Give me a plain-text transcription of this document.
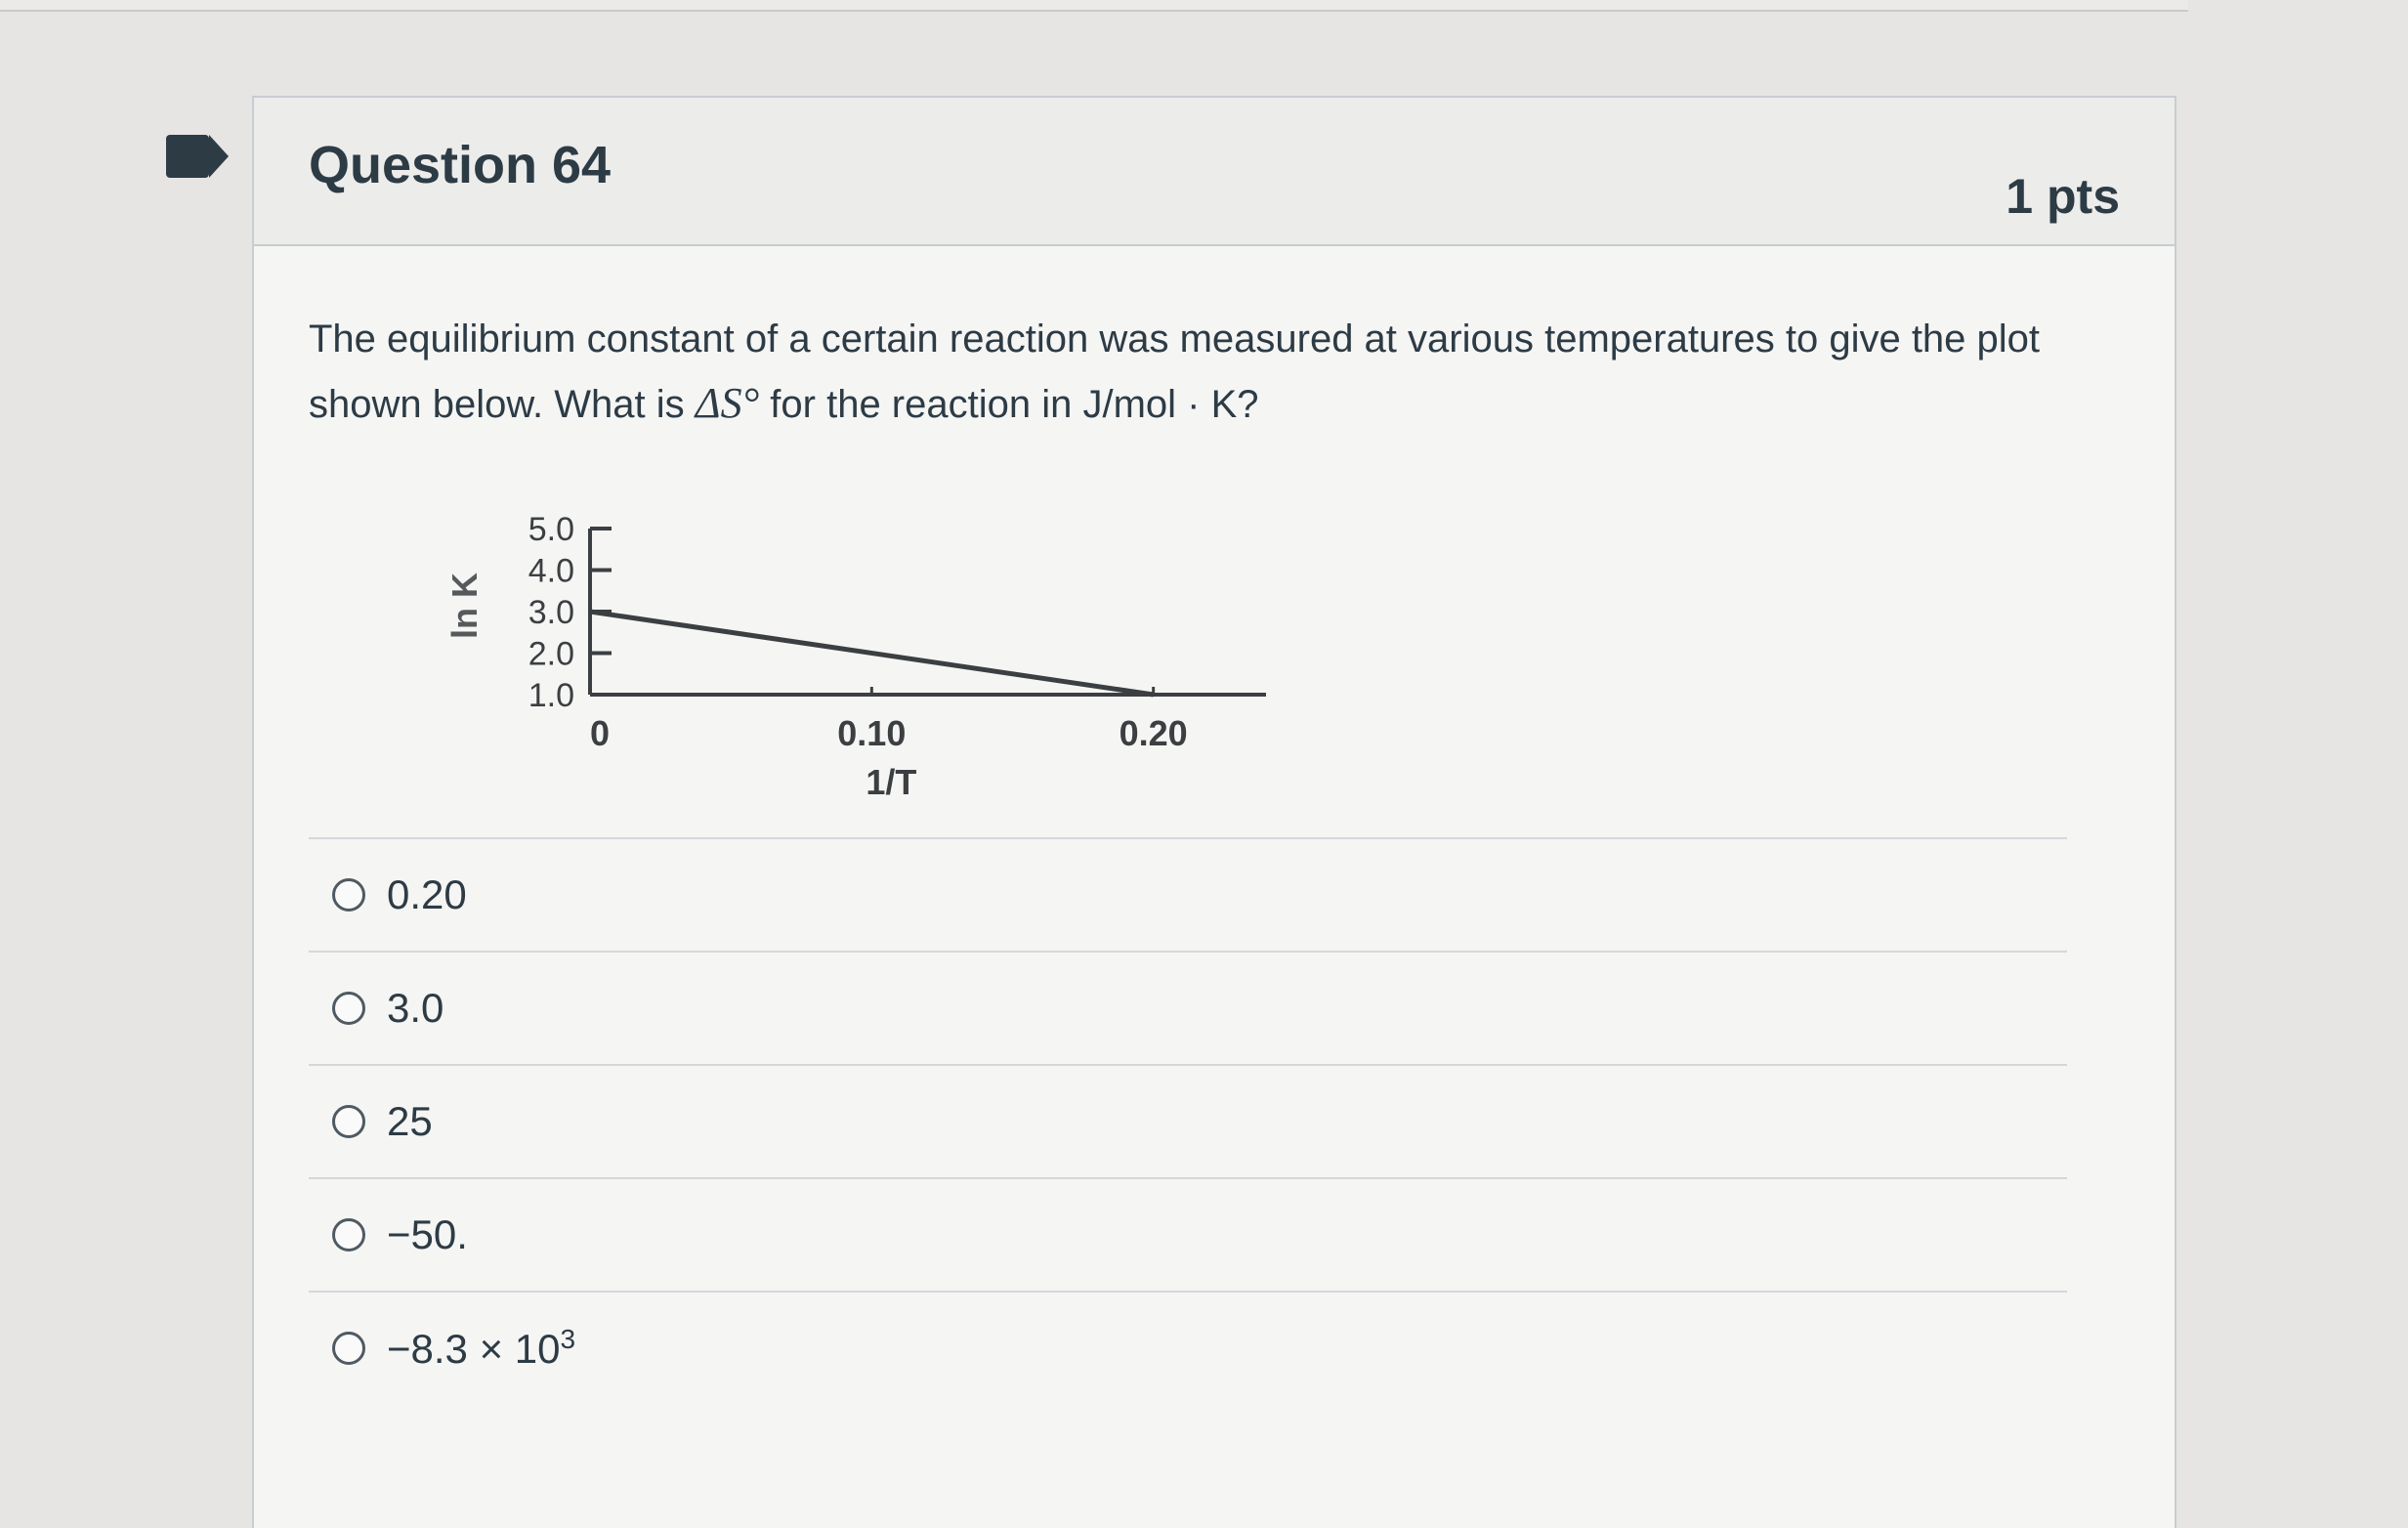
Question 64
1 pts
The equilibrium constant of a certain reaction was measured at various temperatures to give the plot shown below. What is ΔS° for the reaction in J/mol · K?
5.0
4.0
3.0
2.0
1.0
0	0.10	0.20
1/T
ln K
0.20
3.0
25
−50.
$-8.3 \times 10^3$
